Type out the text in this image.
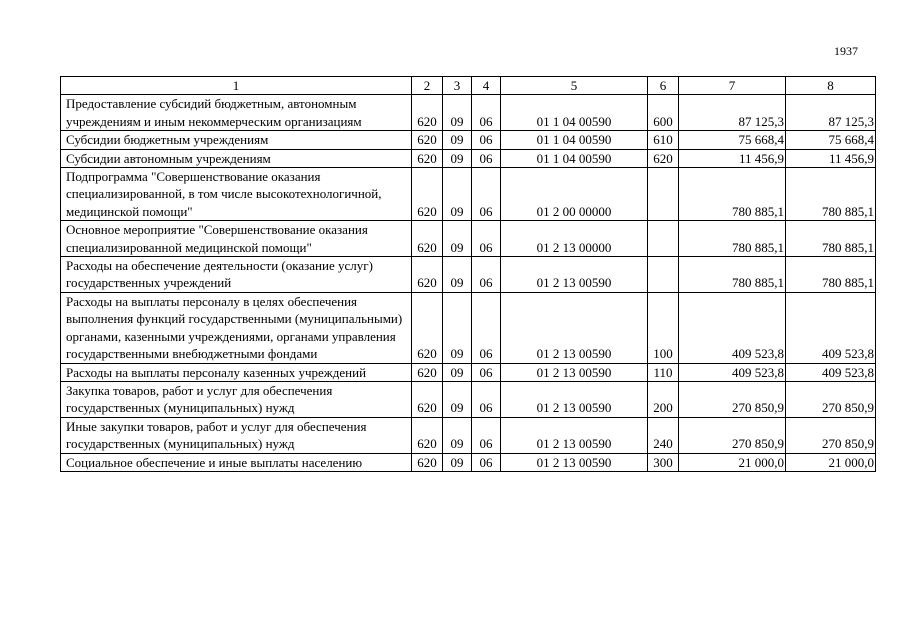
1937
1	2	3	4	5	6	7	8
Предоставление субсидий бюджетным, автономным учреждениям и иным некоммерческим организациям	620	09	06	01 1 04 00590	600	87 125,3	87 125,3
Субсидии бюджетным учреждениям	620	09	06	01 1 04 00590	610	75 668,4	75 668,4
Субсидии автономным учреждениям	620	09	06	01 1 04 00590	620	11 456,9	11 456,9
Подпрограмма "Совершенствование оказания специализированной, в том числе высокотехнологичной, медицинской помощи"	620	09	06	01 2 00 00000		780 885,1	780 885,1
Основное мероприятие "Совершенствование оказания специализированной медицинской помощи"	620	09	06	01 2 13 00000		780 885,1	780 885,1
Расходы на обеспечение деятельности (оказание услуг) государственных учреждений	620	09	06	01 2 13 00590		780 885,1	780 885,1
Расходы на выплаты персоналу в целях обеспечения выполнения функций государственными (муниципальными) органами, казенными учреждениями, органами управления государственными внебюджетными фондами	620	09	06	01 2 13 00590	100	409 523,8	409 523,8
Расходы на выплаты персоналу казенных учреждений	620	09	06	01 2 13 00590	110	409 523,8	409 523,8
Закупка товаров, работ и услуг для обеспечения государственных (муниципальных) нужд	620	09	06	01 2 13 00590	200	270 850,9	270 850,9
Иные закупки товаров, работ и услуг для обеспечения государственных (муниципальных) нужд	620	09	06	01 2 13 00590	240	270 850,9	270 850,9
Социальное обеспечение и иные выплаты населению	620	09	06	01 2 13 00590	300	21 000,0	21 000,0
